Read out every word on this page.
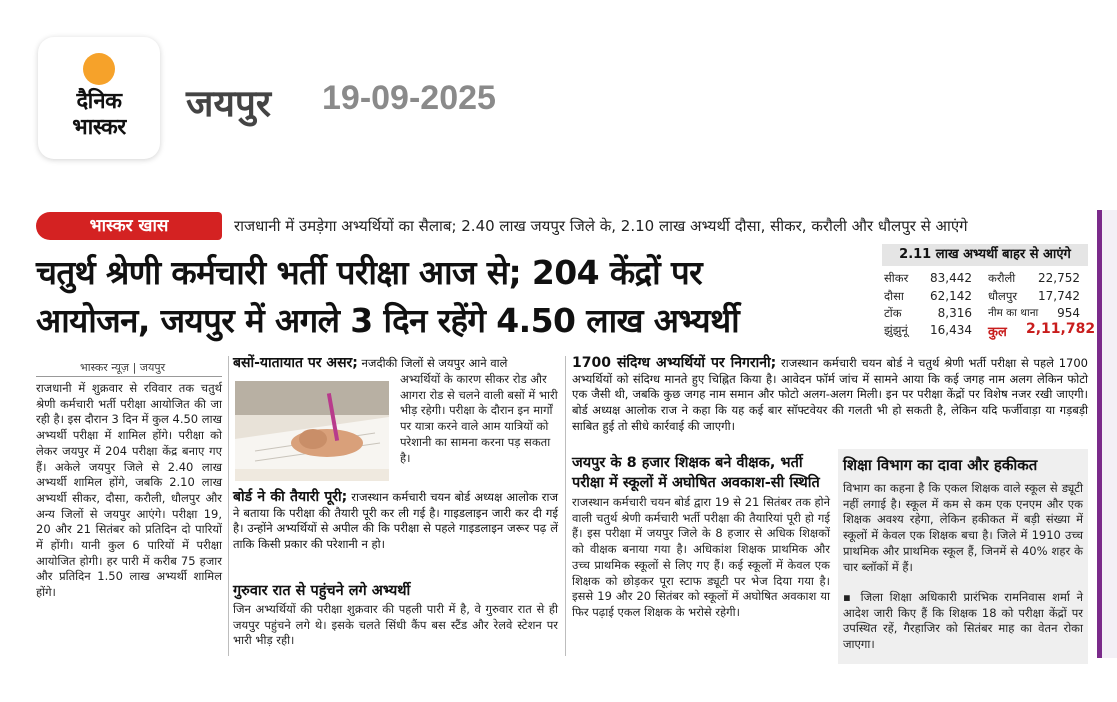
दैनिक
भास्कर
जयपुर 19-09-2025
भास्कर खास	राजधानी में उमड़ेगा अभ्यर्थियों का सैलाब; 2.40 लाख जयपुर जिले के, 2.10 लाख अभ्यर्थी दौसा, सीकर, करौली और धौलपुर से आएंगे
चतुर्थ श्रेणी कर्मचारी भर्ती परीक्षा आज से; 204 केंद्रों पर
आयोजन, जयपुर में अगले 3 दिन रहेंगे 4.50 लाख अभ्यर्थी
2.11 लाख अभ्यर्थी बाहर से आएंगे
सीकर 83,442 करौली 22,752
दौसा 62,142 धौलपुर 17,742
टोंक	8,316 नीम का थाना	954
झुंझुनूं 16,434 कुल 2,11,782
भास्कर न्यूज़ | जयपुर
राजधानी में शुक्रवार से रविवार तक चतुर्थ श्रेणी कर्मचारी भर्ती परीक्षा आयोजित की जा रही है। इस दौरान 3 दिन में कुल 4.50 लाख अभ्यर्थी परीक्षा में शामिल होंगे। परीक्षा को लेकर जयपुर में 204 परीक्षा केंद्र बनाए गए हैं। अकेले जयपुर जिले से 2.40 लाख अभ्यर्थी शामिल होंगे, जबकि 2.10 लाख अभ्यर्थी सीकर, दौसा, करौली, धौलपुर और अन्य जिलों से जयपुर आएंगे। परीक्षा 19, 20 और 21 सितंबर को प्रतिदिन दो पारियों में होंगी। यानी कुल 6 पारियों में परीक्षा आयोजित होगी। हर पारी में करीब 75 हजार और प्रतिदिन 1.50 लाख अभ्यर्थी शामिल होंगे।
बसों-यातायात पर असर; नजदीकी जिलों से जयपुर आने वाले
अभ्यर्थियों के कारण सीकर रोड और आगरा रोड से चलने वाली बसों में भारी भीड़ रहेगी। परीक्षा के दौरान इन मार्गों पर यात्रा करने वाले आम यात्रियों को परेशानी का सामना करना पड़ सकता है।
बोर्ड ने की तैयारी पूरी; राजस्थान कर्मचारी चयन बोर्ड अध्यक्ष आलोक राज ने बताया कि परीक्षा की तैयारी पूरी कर ली गई है। गाइडलाइन जारी कर दी गई है। उन्होंने अभ्यर्थियों से अपील की कि परीक्षा से पहले गाइडलाइन जरूर पढ़ लें ताकि किसी प्रकार की परेशानी न हो।
गुरुवार रात से पहुंचने लगे अभ्यर्थी
जिन अभ्यर्थियों की परीक्षा शुक्रवार की पहली पारी में है, वे गुरुवार रात से ही जयपुर पहुंचने लगे थे। इसके चलते सिंधी कैंप बस स्टैंड और रेलवे स्टेशन पर भारी भीड़ रही।
1700 संदिग्ध अभ्यर्थियों पर निगरानी; राजस्थान कर्मचारी चयन बोर्ड ने चतुर्थ श्रेणी भर्ती परीक्षा से पहले 1700 अभ्यर्थियों को संदिग्ध मानते हुए चिह्नित किया है। आवेदन फॉर्म जांच में सामने आया कि कई जगह नाम अलग लेकिन फोटो एक जैसी थी, जबकि कुछ जगह नाम समान और फोटो अलग-अलग मिली। इन पर परीक्षा केंद्रों पर विशेष नजर रखी जाएगी। बोर्ड अध्यक्ष आलोक राज ने कहा कि यह कई बार सॉफ्टवेयर की गलती भी हो सकती है, लेकिन यदि फर्जीवाड़ा या गड़बड़ी साबित हुई तो सीधे कार्रवाई की जाएगी।
जयपुर के 8 हजार शिक्षक बने वीक्षक, भर्ती
परीक्षा में स्कूलों में अघोषित अवकाश-सी स्थिति
राजस्थान कर्मचारी चयन बोर्ड द्वारा 19 से 21 सितंबर तक होने वाली चतुर्थ श्रेणी कर्मचारी भर्ती परीक्षा की तैयारियां पूरी हो गई हैं। इस परीक्षा में जयपुर जिले के 8 हजार से अधिक शिक्षकों को वीक्षक बनाया गया है। अधिकांश शिक्षक प्राथमिक और उच्च प्राथमिक स्कूलों से लिए गए हैं। कई स्कूलों में केवल एक शिक्षक को छोड़कर पूरा स्टाफ ड्यूटी पर भेज दिया गया है। इससे 19 और 20 सितंबर को स्कूलों में अघोषित अवकाश या फिर पढ़ाई एकल शिक्षक के भरोसे रहेगी।
शिक्षा विभाग का दावा और हकीकत
विभाग का कहना है कि एकल शिक्षक वाले स्कूल से ड्यूटी नहीं लगाई है। स्कूल में कम से कम एक एनएम और एक शिक्षक अवश्य रहेगा, लेकिन हकीकत में बड़ी संख्या में स्कूलों में केवल एक शिक्षक बचा है। जिले में 1910 उच्च प्राथमिक और प्राथमिक स्कूल हैं, जिनमें से 40% शहर के चार ब्लॉकों में हैं।
▪ जिला शिक्षा अधिकारी प्रारंभिक रामनिवास शर्मा ने आदेश जारी किए हैं कि शिक्षक 18 को परीक्षा केंद्रों पर उपस्थित रहें, गैरहाजिर को सितंबर माह का वेतन रोका जाएगा।
